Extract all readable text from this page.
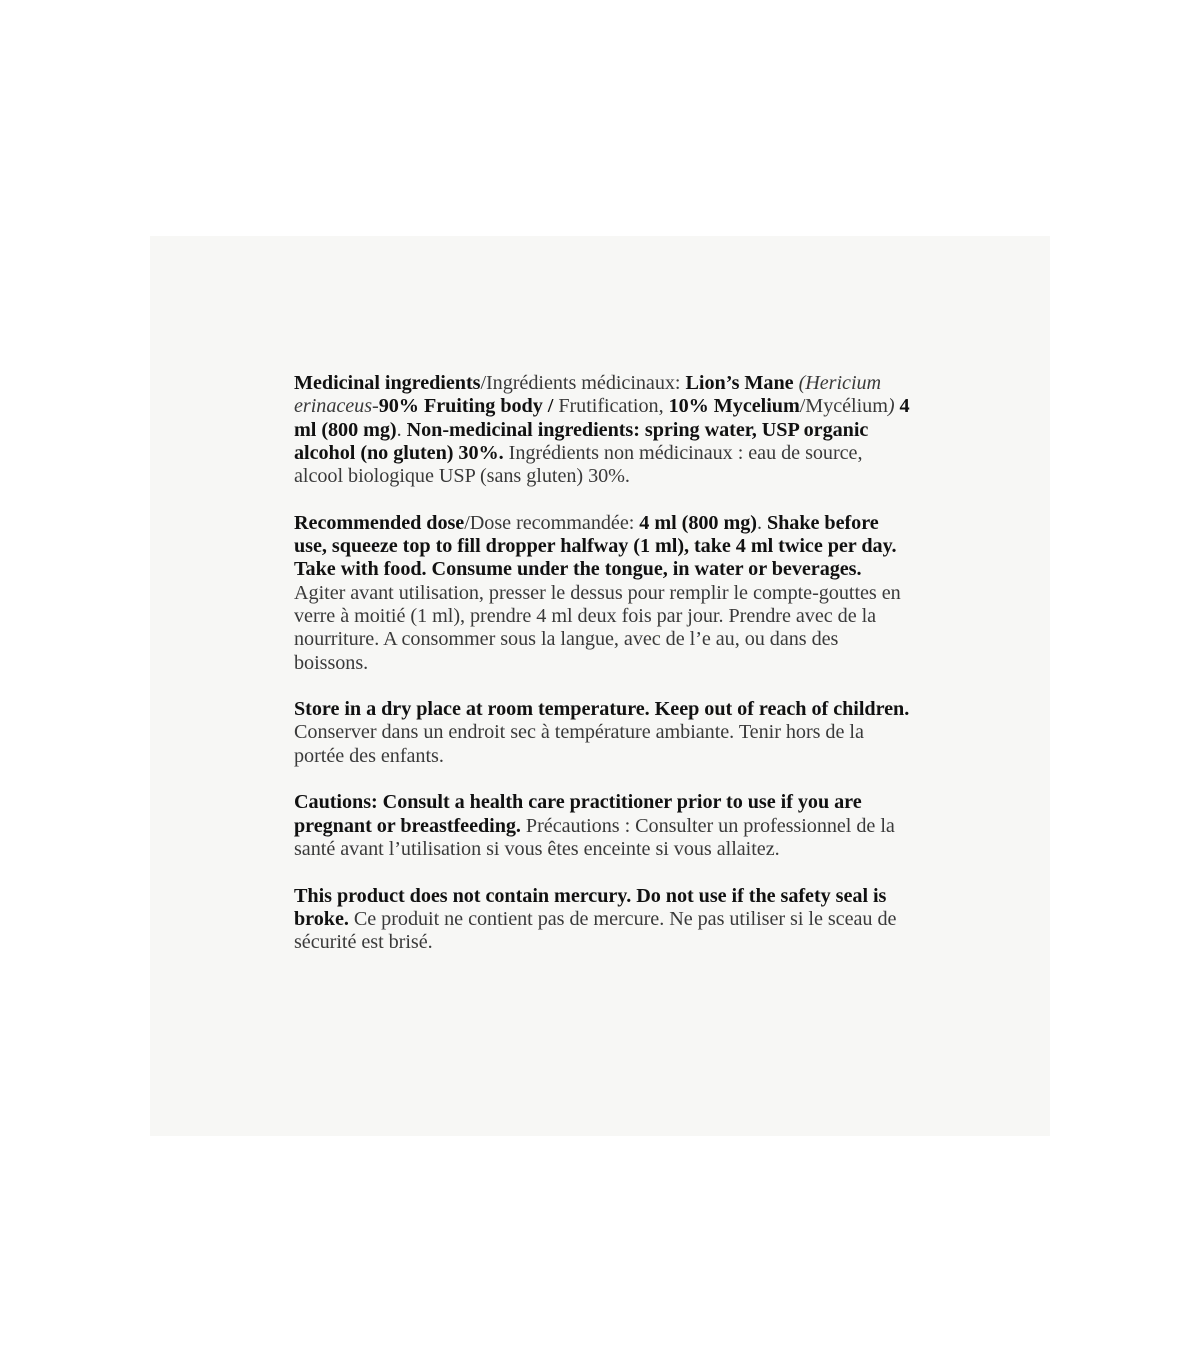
Medicinal ingredients/Ingrédients médicinaux: Lion’s Mane (Hericium erinaceus-90% Fruiting body / Frutification, 10% Mycelium/Mycélium) 4 ml (800 mg). Non-medicinal ingredients: spring water, USP organic alcohol (no gluten) 30%. Ingrédients non médicinaux : eau de source, alcool biologique USP (sans gluten) 30%.

Recommended dose/Dose recommandée: 4 ml (800 mg). Shake before use, squeeze top to fill dropper halfway (1 ml), take 4 ml twice per day. Take with food. Consume under the tongue, in water or beverages. Agiter avant utilisation, presser le dessus pour remplir le compte-gouttes en verre à moitié (1 ml), prendre 4 ml deux fois par jour. Prendre avec de la nourriture. A consommer sous la langue, avec de l’e au, ou dans des boissons.

Store in a dry place at room temperature. Keep out of reach of children. Conserver dans un endroit sec à température ambiante. Tenir hors de la portée des enfants.

Cautions: Consult a health care practitioner prior to use if you are pregnant or breastfeeding. Précautions : Consulter un professionnel de la santé avant l’utilisation si vous êtes enceinte si vous allaitez.

This product does not contain mercury. Do not use if the safety seal is broke. Ce produit ne contient pas de mercure. Ne pas utiliser si le sceau de sécurité est brisé.
